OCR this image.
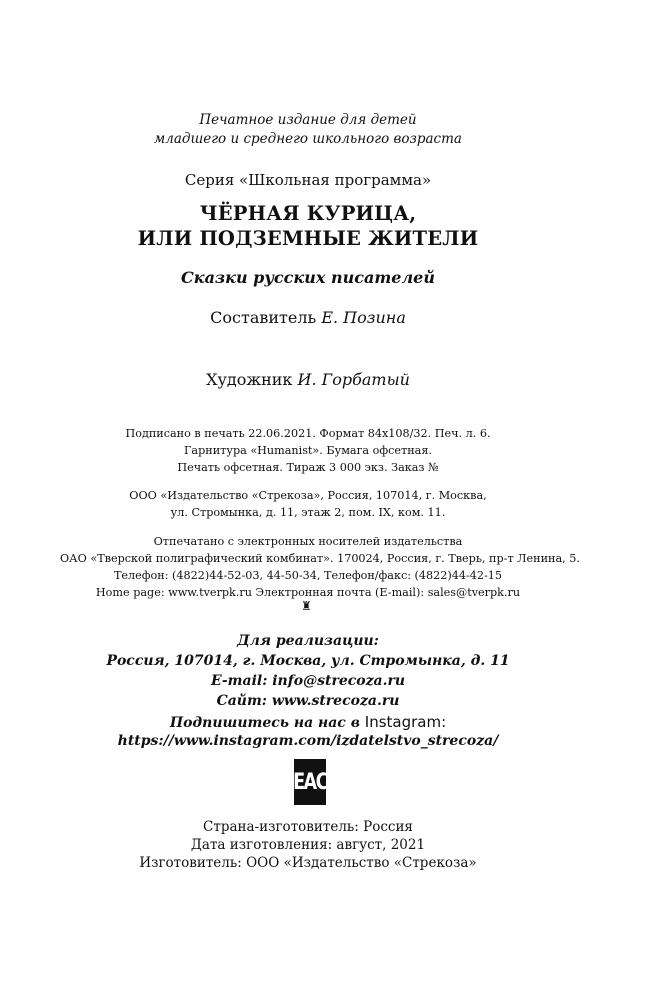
Печатное издание для детей
младшего и среднего школьного возраста
Серия «Школьная программа»
ЧЁРНАЯ КУРИЦА,
ИЛИ ПОДЗЕМНЫЕ ЖИТЕЛИ
Сказки русских писателей
Составитель Е. Позина
Художник И. Горбатый
Подписано в печать 22.06.2021. Формат 84x108/32. Печ. л. 6.
Гарнитура «Humanist». Бумага офсетная.
Печать офсетная. Тираж 3 000 экз. Заказ №
ООО «Издательство «Стрекоза», Россия, 107014, г. Москва,
ул. Стромынка, д. 11, этаж 2, пом. IX, ком. 11.
Отпечатано с электронных носителей издательства
ОАО «Тверской полиграфический комбинат». 170024, Россия, г. Тверь, пр-т Ленина, 5.
Телефон: (4822)44-52-03, 44-50-34, Телефон/факс: (4822)44-42-15
Home page: www.tverpk.ru Электронная почта (E-mail): sales@tverpk.ru
♜
Для реализации:
Россия, 107014, г. Москва, ул. Стромынка, д. 11
E-mail: info@strecoza.ru
Сайт: www.strecoza.ru
Подпишитесь на нас в Instagram:
https://www.instagram.com/izdatelstvo_strecoza/
EAC
Страна-изготовитель: Россия
Дата изготовления: август, 2021
Изготовитель: ООО «Издательство «Стрекоза»
